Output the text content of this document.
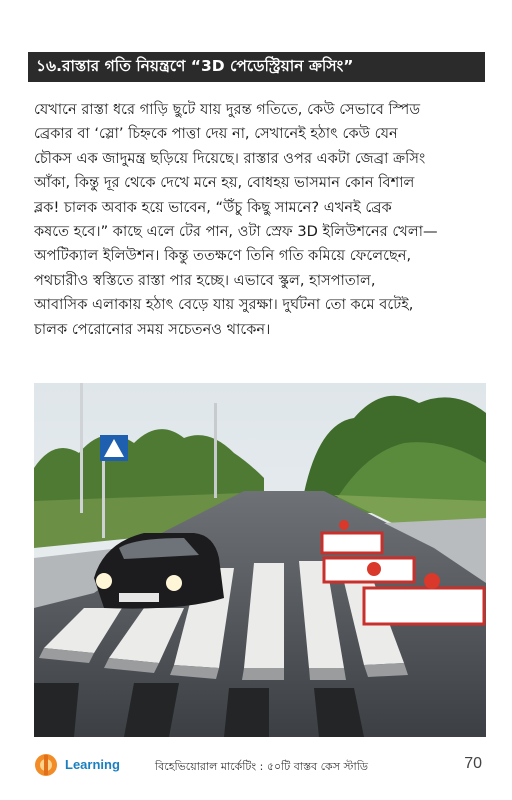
১৬.রাস্তার গতি নিয়ন্ত্রণে “3D পেডেস্ট্রিয়ান ক্রসিং”
যেখানে রাস্তা ধরে গাড়ি ছুটে যায় দুরন্ত গতিতে, কেউ সেভাবে স্পিড
ব্রেকার বা ‘স্লো’ চিহ্নকে পাত্তা দেয় না, সেখানেই হঠাৎ কেউ যেন
চৌকস এক জাদুমন্ত্র ছড়িয়ে দিয়েছে। রাস্তার ওপর একটা জেব্রা ক্রসিং
আঁকা, কিন্তু দূর থেকে দেখে মনে হয়, বোধহয় ভাসমান কোন বিশাল
ব্লক! চালক অবাক হয়ে ভাবেন, “উঁচু কিছু সামনে? এখনই ব্রেক
কষতে হবে।” কাছে এলে টের পান, ওটা স্রেফ 3D ইলিউশনের খেলা—
অপটিক্যাল ইলিউশন। কিন্তু ততক্ষণে তিনি গতি কমিয়ে ফেলেছেন,
পথচারীও স্বস্তিতে রাস্তা পার হচ্ছে। এভাবে স্কুল, হাসপাতাল,
আবাসিক এলাকায় হঠাৎ বেড়ে যায় সুরক্ষা। দুর্ঘটনা তো কমে বটেই,
চালক পেরোনোর সময় সচেতনও থাকেন।
Learning	বিহেভিয়োরাল মার্কেটিং : ৫০টি বাস্তব কেস স্টাডি	70
